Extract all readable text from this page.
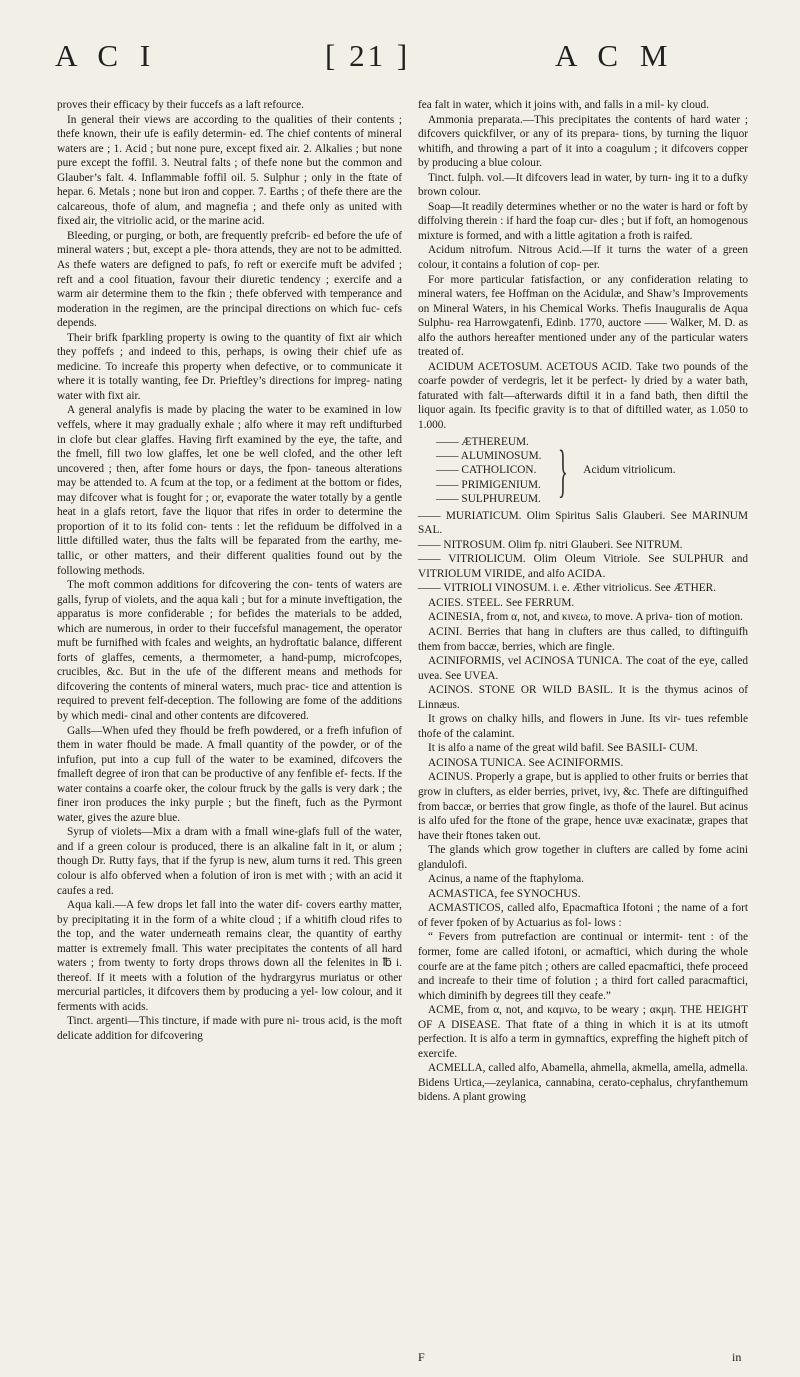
A C I	[ 21 ]	A C M

proves their efficacy by their fuccefs as a laft refource.

In general their views are according to the qualities of their contents ; thefe known, their ufe is eafily determin- ed. The chief contents of mineral waters are ; 1. Acid ; but none pure, except fixed air. 2. Alkalies ; but none pure except the foffil. 3. Neutral falts ; of thefe none but the common and Glauber’s falt. 4. Inflammable foffil oil. 5. Sulphur ; only in the ftate of hepar. 6. Metals ; none but iron and copper. 7. Earths ; of thefe there are the calcareous, thofe of alum, and magnefia ; and thefe only as united with fixed air, the vitriolic acid, or the marine acid.

Bleeding, or purging, or both, are frequently prefcrib- ed before the ufe of mineral waters ; but, except a ple- thora attends, they are not to be admitted. As thefe waters are defigned to pafs, fo reft or exercife muft be advifed ; reft and a cool fituation, favour their diuretic tendency ; exercife and a warm air determine them to the fkin ; thefe obferved with temperance and moderation in the regimen, are the principal directions on which fuc- cefs depends.

Their brifk fparkling property is owing to the quantity of fixt air which they poffefs ; and indeed to this, perhaps, is owing their chief ufe as medicine. To increafe this property when defective, or to communicate it where it is totally wanting, fee Dr. Prieftley’s directions for impreg- nating water with fixt air.

A general analyfis is made by placing the water to be examined in low veffels, where it may gradually exhale ; alfo where it may reft undifturbed in clofe but clear glaffes. Having firft examined by the eye, the tafte, and the fmell, fill two low glaffes, let one be well clofed, and the other left uncovered ; then, after fome hours or days, the fpon- taneous alterations may be attended to. A fcum at the top, or a fediment at the bottom or fides, may difcover what is fought for ; or, evaporate the water totally by a gentle heat in a glafs retort, fave the liquor that rifes in order to determine the proportion of it to its folid con- tents : let the refiduum be diffolved in a little diftilled water, thus the falts will be feparated from the earthy, me- tallic, or other matters, and their different qualities found out by the following methods.

The moft common additions for difcovering the con- tents of waters are galls, fyrup of violets, and the aqua kali ; but for a minute inveftigation, the apparatus is more confiderable ; for befides the materials to be added, which are numerous, in order to their fuccefsful management, the operator muft be furnifhed with fcales and weights, an hydroftatic balance, different forts of glaffes, cements, a thermometer, a hand-pump, microfcopes, crucibles, &c. But in the ufe of the different means and methods for difcovering the contents of mineral waters, much prac- tice and attention is required to prevent felf-deception. The following are fome of the additions by which medi- cinal and other contents are difcovered.

Galls—When ufed they fhould be frefh powdered, or a frefh infufion of them in water fhould be made. A fmall quantity of the powder, or of the infufion, put into a cup full of the water to be examined, difcovers the fmalleft degree of iron that can be productive of any fenfible ef- fects. If the water contains a coarfe oker, the colour ftruck by the galls is very dark ; the finer iron produces the inky purple ; but the fineft, fuch as the Pyrmont water, gives the azure blue.

Syrup of violets—Mix a dram with a fmall wine-glafs full of the water, and if a green colour is produced, there is an alkaline falt in it, or alum ; though Dr. Rutty fays, that if the fyrup is new, alum turns it red. This green colour is alfo obferved when a folution of iron is met with ; with an acid it caufes a red.

Aqua kali.—A few drops let fall into the water dif- covers earthy matter, by precipitating it in the form of a white cloud ; if a whitifh cloud rifes to the top, and the water underneath remains clear, the quantity of earthy matter is extremely fmall. This water precipitates the contents of all hard waters ; from twenty to forty drops throws down all the felenites in ℔ i. thereof. If it meets with a folution of the hydrargyrus muriatus or other mercurial particles, it difcovers them by producing a yel- low colour, and it ferments with acids.

Tinct. argenti—This tincture, if made with pure ni- trous acid, is the moft delicate addition for difcovering

fea falt in water, which it joins with, and falls in a mil- ky cloud.

Ammonia preparata.—This precipitates the contents of hard water ; difcovers quickfilver, or any of its prepara- tions, by turning the liquor whitifh, and throwing a part of it into a coagulum ; it difcovers copper by producing a blue colour.

Tinct. fulph. vol.—It difcovers lead in water, by turn- ing it to a dufky brown colour.

Soap—It readily determines whether or no the water is hard or foft by diffolving therein : if hard the foap cur- dles ; but if foft, an homogenous mixture is formed, and with a little agitation a froth is raifed.

Acidum nitrofum. Nitrous Acid.—If it turns the water of a green colour, it contains a folution of cop- per.

For more particular fatisfaction, or any confideration relating to mineral waters, fee Hoffman on the Acidulæ, and Shaw’s Improvements on Mineral Waters, in his Chemical Works. Thefis Inauguralis de Aqua Sulphu- rea Harrowgatenfi, Edinb. 1770, auctore —— Walker, M. D. as alfo the authors hereafter mentioned under any of the particular waters treated of.

ACIDUM ACETOSUM. ACETOUS ACID. Take two pounds of the coarfe powder of verdegris, let it be perfect- ly dried by a water bath, faturated with falt—afterwards diftil it in a fand bath, then diftil the liquor again. Its fpecific gravity is to that of diftilled water, as 1.050 to 1.000.

—— ÆTHEREUM.
—— ALUMINOSUM.
—— CATHOLICON.
—— PRIMIGENIUM.
—— SULPHUREUM. } Acidum vitriolicum.

—— MURIATICUM. Olim Spiritus Salis Glauberi. See MARINUM SAL.

—— NITROSUM. Olim fp. nitri Glauberi. See NITRUM.

—— VITRIOLICUM. Olim Oleum Vitriole. See SULPHUR and VITRIOLUM VIRIDE, and alfo ACIDA.

—— VITRIOLI VINOSUM. i. e. Æther vitriolicus. See ÆTHER.

ACIES. STEEL. See FERRUM.

ACINESIA, from α, not, and κινεω, to move. A priva- tion of motion.

ACINI. Berries that hang in clufters are thus called, to diftinguifh them from baccæ, berries, which are fingle.

ACINIFORMIS, vel ACINOSA TUNICA. The coat of the eye, called uvea. See UVEA.

ACINOS. STONE OR WILD BASIL. It is the thymus acinos of Linnæus.

It grows on chalky hills, and flowers in June. Its vir- tues refemble thofe of the calamint.

It is alfo a name of the great wild bafil. See BASILI- CUM.

ACINOSA TUNICA. See ACINIFORMIS.

ACINUS. Properly a grape, but is applied to other fruits or berries that grow in clufters, as elder berries, privet, ivy, &c. Thefe are diftinguifhed from baccæ, or berries that grow fingle, as thofe of the laurel. But acinus is alfo ufed for the ftone of the grape, hence uvæ exacinatæ, grapes that have their ftones taken out.

The glands which grow together in clufters are called by fome acini glandulofi.

Acinus, a name of the ftaphyloma.

ACMASTICA, fee SYNOCHUS.

ACMASTICOS, called alfo, Epacmaftica Ifotoni ; the name of a fort of fever fpoken of by Actuarius as fol- lows :

“ Fevers from putrefaction are continual or intermit- tent : of the former, fome are called ifotoni, or acmaftici, which during the whole courfe are at the fame pitch ; others are called epacmaftici, thefe proceed and increafe to their time of folution ; a third fort called paracmaftici, which diminifh by degrees till they ceafe.”

ACME, from α, not, and καμνω, to be weary ; ακμη. THE HEIGHT OF A DISEASE. That ftate of a thing in which it is at its utmoft perfection. It is alfo a term in gymnaftics, expreffing the higheft pitch of exercife.

ACMELLA, called alfo, Abamella, ahmella, akmella, amella, admella. Bidens Urtica,—zeylanica, cannabina, cerato-cephalus, chryfanthemum bidens. A plant growing

F	in
